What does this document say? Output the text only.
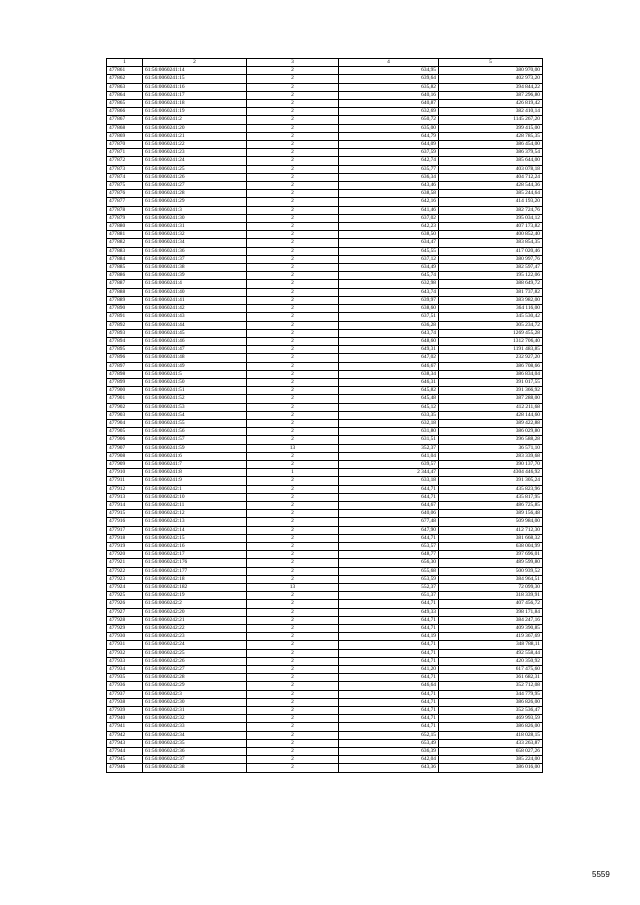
1	2	3	4	5
477861	61:56:0060241:14	2	634,95	380 970,00
477862	61:56:0060241:15	2	639,64	402 973,20
477863	61:56:0060241:16	2	635,82	394 844,22
477864	61:56:0060241:17	2	640,16	387 296,80
477865	61:56:0060241:18	2	640,87	426 819,42
477866	61:56:0060241:19	2	632,69	382 410,14
477867	61:56:0060241:2	2	650,72	1145 267,20
477868	61:56:0060241:20	2	635,00	399 415,00
477869	61:56:0060241:21	2	644,79	428 785,35
477870	61:56:0060241:22	2	644,09	386 454,00
477871	61:56:0060241:23	2	637,59	386 379,54
477872	61:56:0060241:24	2	642,74	385 644,00
477873	61:56:0060241:25	2	635,77	403 078,18
477874	61:56:0060241:26	2	636,34	404 712,24
477875	61:56:0060241:27	2	643,46	428 544,36
477876	61:56:0060241:28	2	638,58	385 244,64
477877	61:56:0060241:29	2	642,16	414 193,20
477878	61:56:0060241:3	2	641,46	382 724,76
477879	61:56:0060241:30	2	637,02	395 034,12
477880	61:56:0060241:31	2	642,23	407 173,82
477881	61:56:0060241:32	2	638,50	400 852,40
477882	61:56:0060241:34	2	634,47	383 854,35
477883	61:56:0060241:36	2	645,55	417 020,46
477884	61:56:0060241:37	2	637,12	380 997,76
477885	61:56:0060241:38	2	634,49	382 597,47
477886	61:56:0060241:39	2	645,74	195 122,06
477887	61:56:0060241:4	2	632,98	388 649,72
477888	61:56:0060241:40	2	643,74	381 737,82
477889	61:56:0060241:41	2	639,97	383 982,00
477890	61:56:0060241:42	2	638,60	364 116,00
477891	61:56:0060241:43	2	637,51	345 530,42
477892	61:56:0060241:44	2	636,28	305 234,72
477893	61:56:0060241:45	2	643,74	1269 455,28
477894	61:56:0060241:46	2	648,60	1312 706,40
477895	61:56:0060241:47	2	649,31	1191 483,85
477896	61:56:0060241:48	2	647,02	232 927,20
477897	61:56:0060241:49	2	646,67	386 708,66
477898	61:56:0060241:5	2	638,34	386 834,04
477899	61:56:0060241:50	2	646,31	391 017,55
477900	61:56:0060241:51	2	645,82	391 366,92
477901	61:56:0060241:52	2	645,48	387 288,00
477902	61:56:0060241:53	2	645,12	412 211,68
477903	61:56:0060241:54	2	633,35	428 144,60
477904	61:56:0060241:55	2	632,18	389 422,88
477905	61:56:0060241:56	2	631,80	386 029,80
477906	61:56:0060241:57	2	631,51	396 588,28
477907	61:56:0060241:59	13	352,37	36 571,10
477908	61:56:0060241:6	2	641,04	283 339,68
477909	61:56:0060241:7	2	639,57	390 137,70
477910	61:56:0060241:8	1	2 344,47	4304 446,92
477911	61:56:0060241:9	2	633,18	391 305,24
477912	61:56:0060242:1	2	644,71	435 823,96
477913	61:56:0060242:10	2	644,71	435 817,95
477914	61:56:0060242:11	2	644,67	486 725,85
477915	61:56:0060242:12	2	640,06	389 156,48
477916	61:56:0060242:13	2	677,48	509 984,00
477917	61:56:0060242:14	2	647,90	412 712,30
477918	61:56:0060242:15	2	644,71	381 668,32
477919	61:56:0060242:16	2	653,57	638 004,99
477920	61:56:0060242:17	2	648,77	397 696,01
477921	61:56:0060242:176	2	656,30	489 599,80
477922	61:56:0060242:177	2	655,68	500 939,52
477923	61:56:0060242:18	2	653,59	384 964,51
477924	61:56:0060242:182	13	552,37	72 099,30
477925	61:56:0060242:19	2	651,37	318 339,91
477926	61:56:0060242:2	2	644,71	407 456,72
477927	61:56:0060242:20	2	649,33	398 171,84
477928	61:56:0060242:21	2	644,71	384 247,16
477929	61:56:0060242:22	2	644,71	409 390,85
477930	61:56:0060242:23	2	644,19	419 367,69
477931	61:56:0060242:24	2	644,71	348 788,11
477932	61:56:0060242:25	2	644,71	492 558,44
477933	61:56:0060242:26	2	644,71	420 350,92
477934	61:56:0060242:27	2	641,20	617 475,60
477935	61:56:0060242:28	2	644,71	361 682,31
477936	61:56:0060242:29	2	646,64	352 712,08
477937	61:56:0060242:3	2	644,71	344 779,95
477938	61:56:0060242:30	2	644,71	386 826,00
477939	61:56:0060242:31	2	644,71	352 536,47
477940	61:56:0060242:32	2	644,71	469 993,59
477941	61:56:0060242:33	2	644,71	386 826,00
477942	61:56:0060242:34	2	652,15	418 028,15
477943	61:56:0060242:35	2	653,49	433 263,87
477944	61:56:0060242:36	2	636,39	658 027,26
477945	61:56:0060242:37	2	642,04	385 224,00
477946	61:56:0060242:38	2	643,36	386 016,00
5559
